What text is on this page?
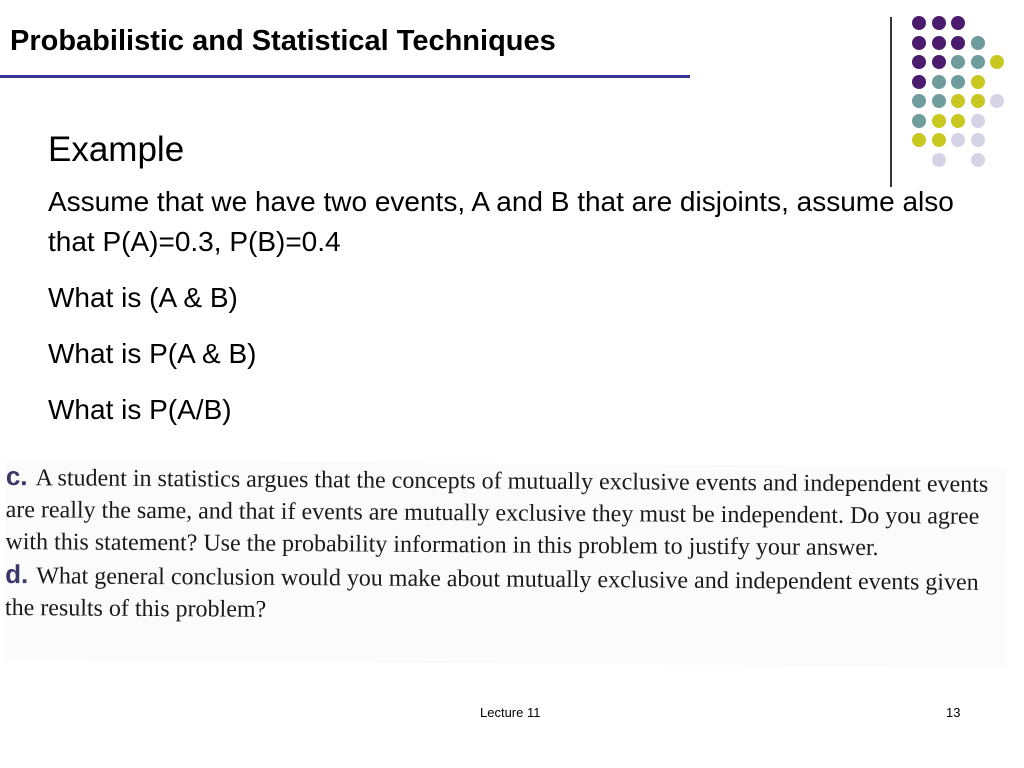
Probabilistic and Statistical Techniques
Example

Assume that we have two events, A and B that are disjoints, assume also that P(A)=0.3, P(B)=0.4

What is (A & B)

What is P(A & B)

What is P(A/B)

c. A student in statistics argues that the concepts of mutually exclusive events and independent events are really the same, and that if events are mutually exclusive they must be independent. Do you agree with this statement? Use the probability information in this problem to justify your answer.

d. What general conclusion would you make about mutually exclusive and independent events given the results of this problem?

Lecture 11	13
